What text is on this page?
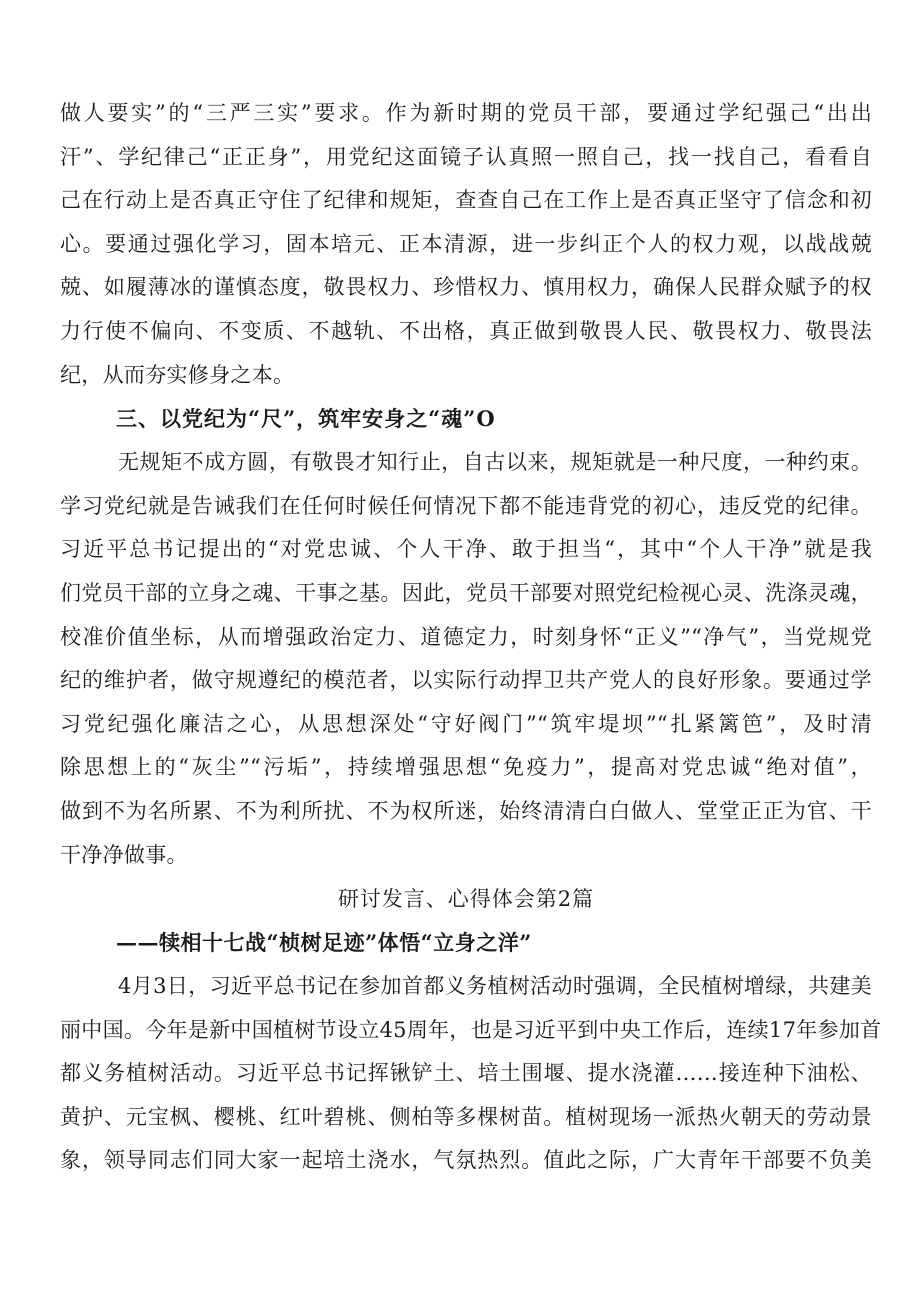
做人要实”的“三严三实”要求。作为新时期的党员干部，要通过学纪强己“出出
汗”、学纪律己“正正身”，用党纪这面镜子认真照一照自己，找一找自己，看看自
己在行动上是否真正守住了纪律和规矩，查查自己在工作上是否真正坚守了信念和初
心。要通过强化学习，固本培元、正本清源，进一步纠正个人的权力观，以战战兢
兢、如履薄冰的谨慎态度，敬畏权力、珍惜权力、慎用权力，确保人民群众赋予的权
力行使不偏向、不变质、不越轨、不出格，真正做到敬畏人民、敬畏权力、敬畏法
纪，从而夯实修身之本。
三、以党纪为“尺”，筑牢安身之“魂”O
无规矩不成方圆，有敬畏才知行止，自古以来，规矩就是一种尺度，一种约束。
学习党纪就是告诫我们在任何时候任何情况下都不能违背党的初心，违反党的纪律。
习近平总书记提出的“对党忠诚、个人干净、敢于担当“，其中“个人干净”就是我
们党员干部的立身之魂、干事之基。因此，党员干部要对照党纪检视心灵、洗涤灵魂，
校准价值坐标，从而增强政治定力、道德定力，时刻身怀“正义”“净气”，当党规党
纪的维护者，做守规遵纪的模范者，以实际行动捍卫共产党人的良好形象。要通过学
习党纪强化廉洁之心，从思想深处“守好阀门”“筑牢堤坝”“扎紧篱笆”，及时清
除思想上的“灰尘”“污垢”，持续增强思想“免疫力”，提高对党忠诚“绝对值”，
做到不为名所累、不为利所扰、不为权所迷，始终清清白白做人、堂堂正正为官、干
干净净做事。
研讨发言、心得体会第2篇
——犊相十七战“桢树足迹”体悟“立身之洋”
4月3日，习近平总书记在参加首都义务植树活动时强调，全民植树增绿，共建美
丽中国。今年是新中国植树节设立45周年，也是习近平到中央工作后，连续17年参加首
都义务植树活动。习近平总书记挥锹铲土、培土围堰、提水浇灌……接连种下油松、
黄护、元宝枫、樱桃、红叶碧桃、侧柏等多棵树苗。植树现场一派热火朝天的劳动景
象，领导同志们同大家一起培土浇水，气氛热烈。值此之际，广大青年干部要不负美
